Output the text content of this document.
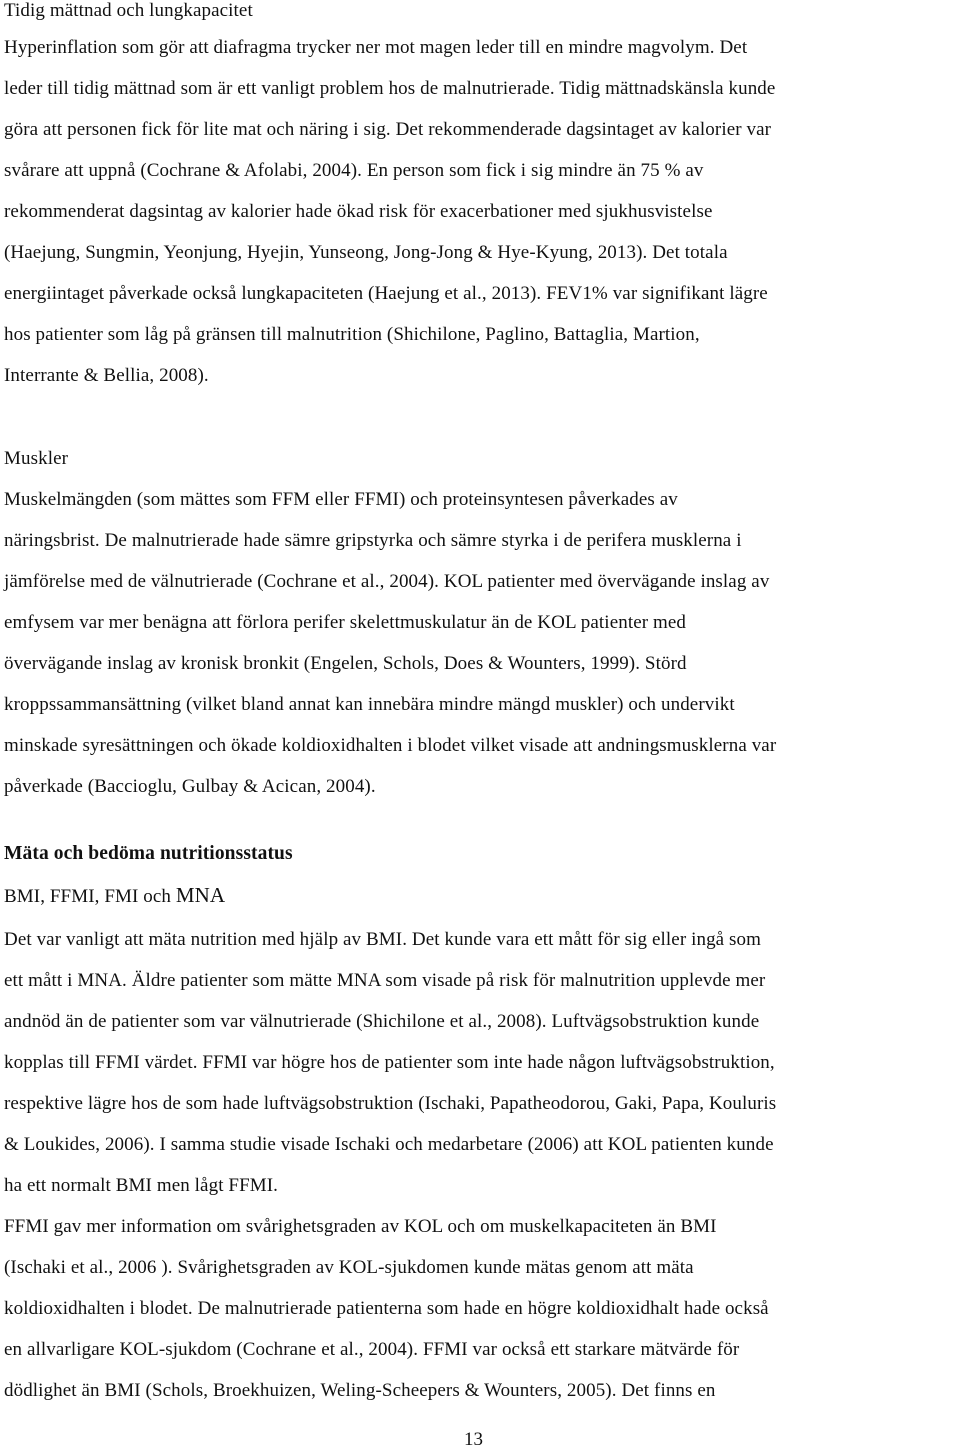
Tidig mättnad och lungkapacitet
Hyperinflation som gör att diafragma trycker ner mot magen leder till en mindre magvolym. Det
leder till tidig mättnad som är ett vanligt problem hos de malnutrierade. Tidig mättnadskänsla kunde
göra att personen fick för lite mat och näring i sig. Det rekommenderade dagsintaget av kalorier var
svårare att uppnå (Cochrane & Afolabi, 2004). En person som fick i sig mindre än 75 % av
rekommenderat dagsintag av kalorier hade ökad risk för exacerbationer med sjukhusvistelse
(Haejung, Sungmin, Yeonjung, Hyejin, Yunseong, Jong-Jong & Hye-Kyung, 2013). Det totala
energiintaget påverkade också lungkapaciteten (Haejung et al., 2013). FEV1% var signifikant lägre
hos patienter som låg på gränsen till malnutrition (Shichilone, Paglino, Battaglia, Martion,
Interrante & Bellia, 2008).
Muskler
Muskelmängden (som mättes som FFM eller FFMI) och proteinsyntesen påverkades av
näringsbrist. De malnutrierade hade sämre gripstyrka och sämre styrka i de perifera musklerna i
jämförelse med de välnutrierade (Cochrane et al., 2004). KOL patienter med övervägande inslag av
emfysem var mer benägna att förlora perifer skelettmuskulatur än de KOL patienter med
övervägande inslag av kronisk bronkit (Engelen, Schols, Does & Wounters, 1999). Störd
kroppssammansättning (vilket bland annat kan innebära mindre mängd muskler) och undervikt
minskade syresättningen och ökade koldioxidhalten i blodet vilket visade att andningsmusklerna var
påverkade (Baccioglu, Gulbay & Acican, 2004).
Mäta och bedöma nutritionsstatus
BMI, FFMI, FMI och MNA
Det var vanligt att mäta nutrition med hjälp av BMI. Det kunde vara ett mått för sig eller ingå som
ett mått i MNA. Äldre patienter som mätte MNA som visade på risk för malnutrition upplevde mer
andnöd än de patienter som var välnutrierade (Shichilone et al., 2008). Luftvägsobstruktion kunde
kopplas till FFMI värdet. FFMI var högre hos de patienter som inte hade någon luftvägsobstruktion,
respektive lägre hos de som hade luftvägsobstruktion (Ischaki, Papatheodorou, Gaki, Papa, Kouluris
& Loukides, 2006). I samma studie visade Ischaki och medarbetare (2006) att KOL patienten kunde
ha ett normalt BMI men lågt FFMI.
FFMI gav mer information om svårighetsgraden av KOL och om muskelkapaciteten än BMI
(Ischaki et al., 2006 ). Svårighetsgraden av KOL-sjukdomen kunde mätas genom att mäta
koldioxidhalten i blodet. De malnutrierade patienterna som hade en högre koldioxidhalt hade också
en allvarligare KOL-sjukdom (Cochrane et al., 2004). FFMI var också ett starkare mätvärde för
dödlighet än BMI (Schols, Broekhuizen, Weling-Scheepers & Wounters, 2005). Det finns en
13
